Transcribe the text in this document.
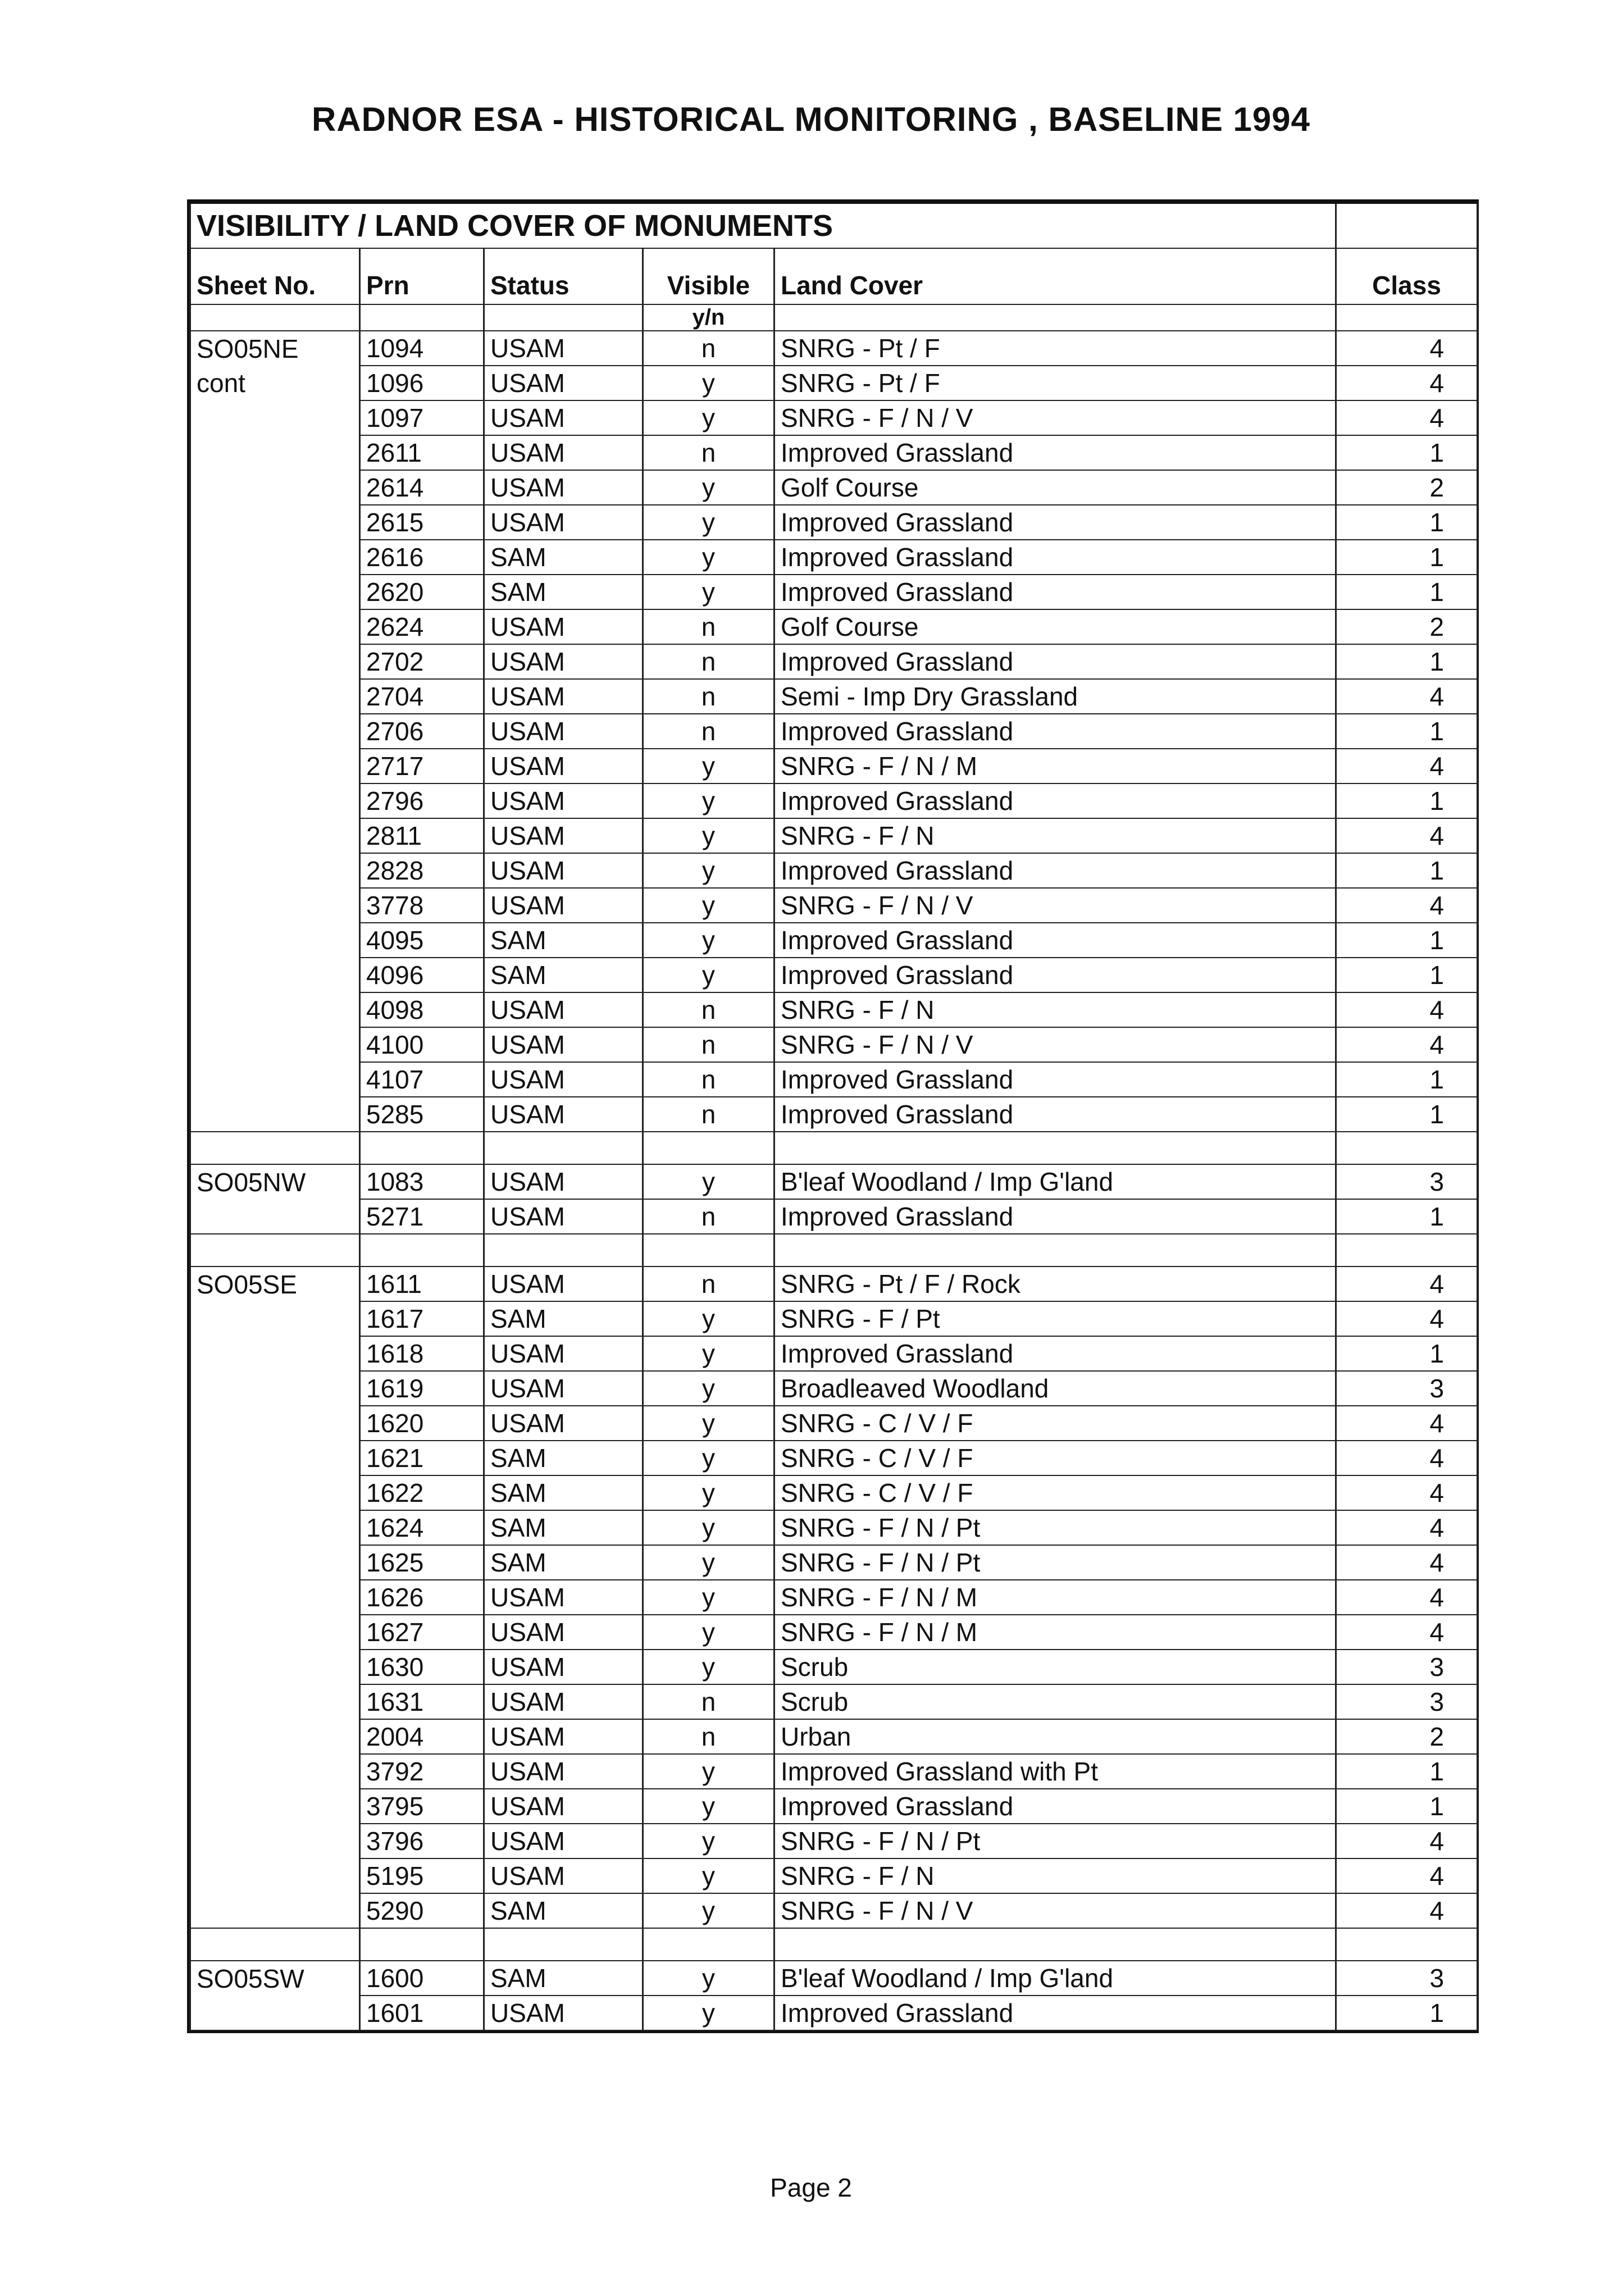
RADNOR ESA - HISTORICAL MONITORING , BASELINE 1994
VISIBILITY / LAND COVER OF MONUMENTS					
Sheet No.	Prn	Status	Visible	Land Cover	Class
			y/n		
SO05NE	1094	USAM	n	SNRG - Pt / F	4
cont	1096	USAM	y	SNRG - Pt / F	4
	1097	USAM	y	SNRG - F / N / V	4
	2611	USAM	n	Improved Grassland	1
	2614	USAM	y	Golf Course	2
	2615	USAM	y	Improved Grassland	1
	2616	SAM	y	Improved Grassland	1
	2620	SAM	y	Improved Grassland	1
	2624	USAM	n	Golf Course	2
	2702	USAM	n	Improved Grassland	1
	2704	USAM	n	Semi - Imp Dry Grassland	4
	2706	USAM	n	Improved Grassland	1
	2717	USAM	y	SNRG - F / N / M	4
	2796	USAM	y	Improved Grassland	1
	2811	USAM	y	SNRG - F / N	4
	2828	USAM	y	Improved Grassland	1
	3778	USAM	y	SNRG - F / N / V	4
	4095	SAM	y	Improved Grassland	1
	4096	SAM	y	Improved Grassland	1
	4098	USAM	n	SNRG - F / N	4
	4100	USAM	n	SNRG - F / N / V	4
	4107	USAM	n	Improved Grassland	1
	5285	USAM	n	Improved Grassland	1

SO05NW	1083	USAM	y	B'leaf Woodland / Imp G'land	3
	5271	USAM	n	Improved Grassland	1

SO05SE	1611	USAM	n	SNRG - Pt / F / Rock	4
	1617	SAM	y	SNRG - F / Pt	4
	1618	USAM	y	Improved Grassland	1
	1619	USAM	y	Broadleaved Woodland	3
	1620	USAM	y	SNRG - C / V / F	4
	1621	SAM	y	SNRG - C / V / F	4
	1622	SAM	y	SNRG - C / V / F	4
	1624	SAM	y	SNRG - F / N / Pt	4
	1625	SAM	y	SNRG - F / N / Pt	4
	1626	USAM	y	SNRG - F / N / M	4
	1627	USAM	y	SNRG - F / N / M	4
	1630	USAM	y	Scrub	3
	1631	USAM	n	Scrub	3
	2004	USAM	n	Urban	2
	3792	USAM	y	Improved Grassland with Pt	1
	3795	USAM	y	Improved Grassland	1
	3796	USAM	y	SNRG - F / N / Pt	4
	5195	USAM	y	SNRG - F / N	4
	5290	SAM	y	SNRG - F / N / V	4

SO05SW	1600	SAM	y	B'leaf Woodland / Imp G'land	3
	1601	USAM	y	Improved Grassland	1
Page 2
